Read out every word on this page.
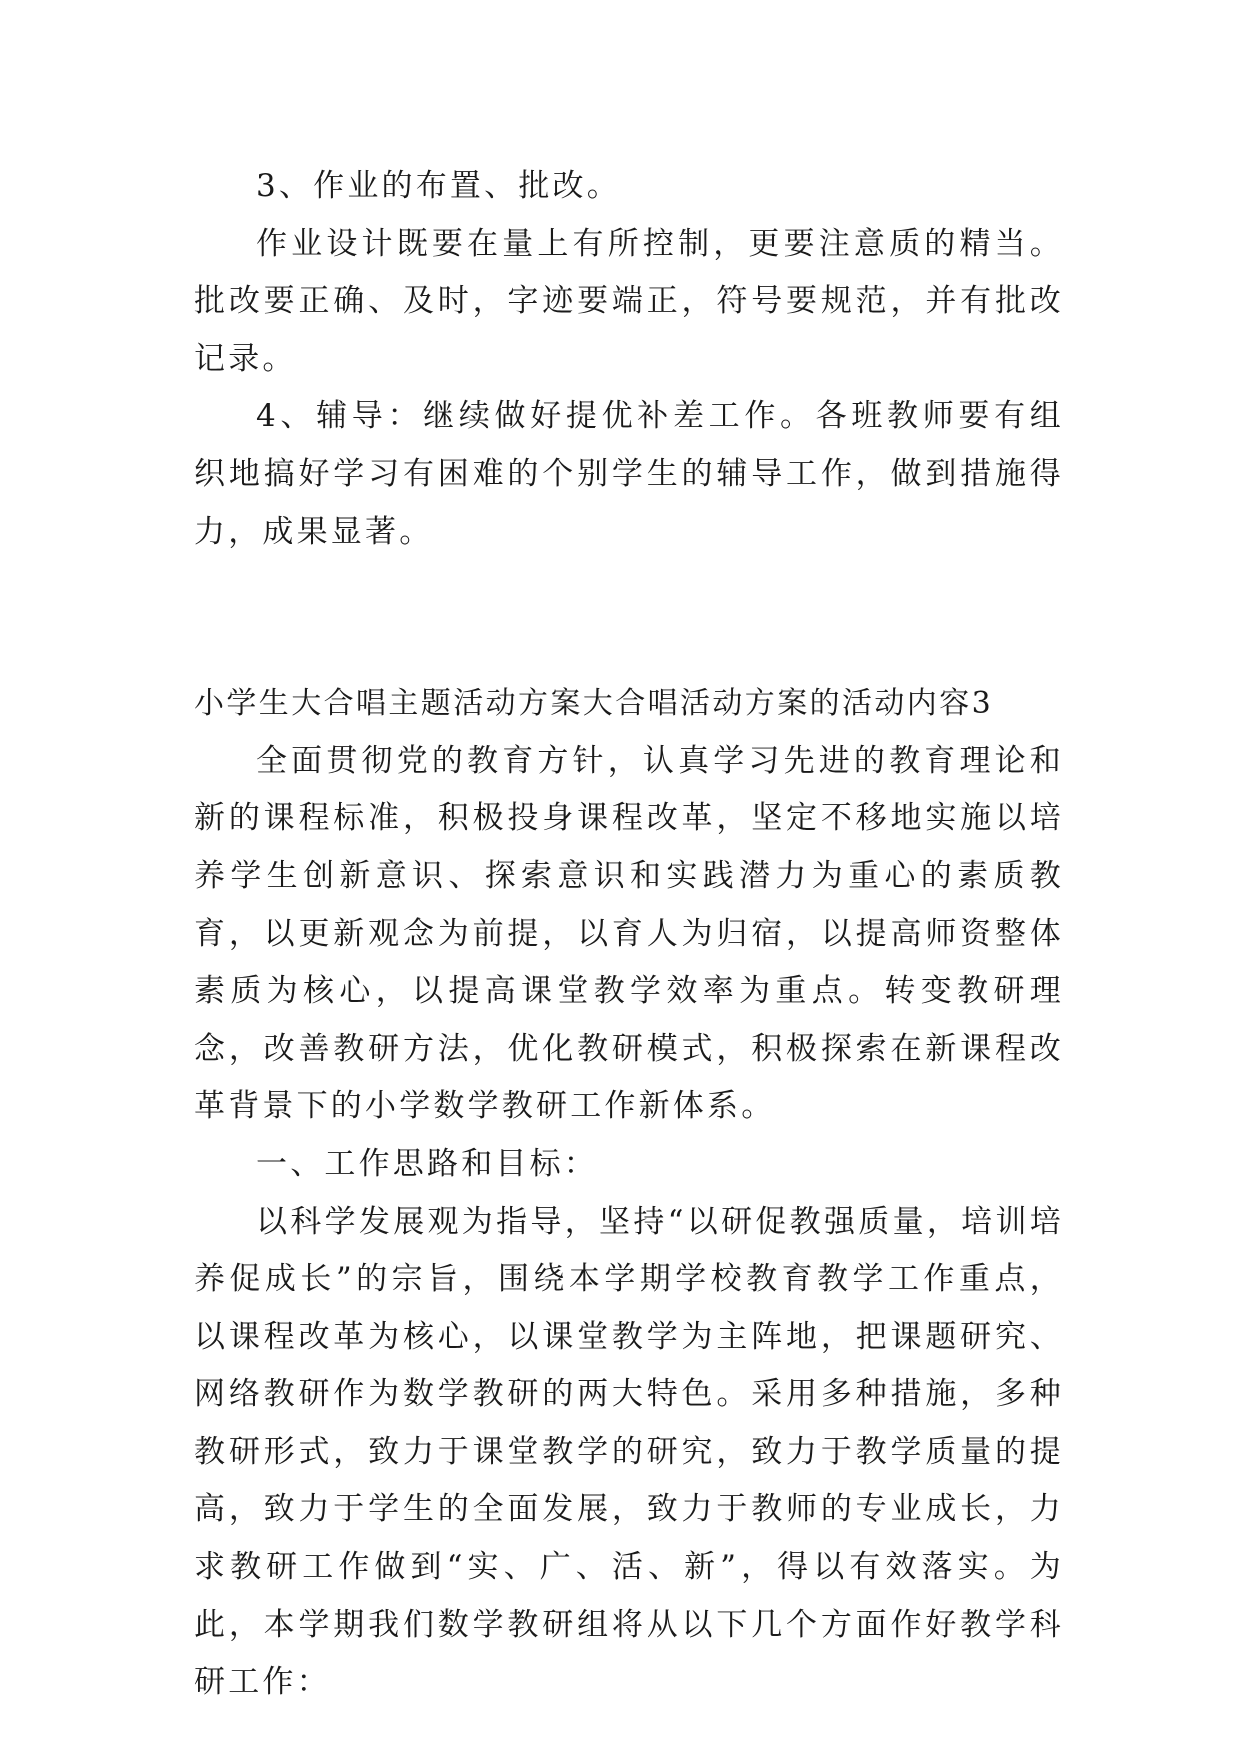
3、作业的布置、批改。

作业设计既要在量上有所控制，更要注意质的精当。批改要正确、及时，字迹要端正，符号要规范，并有批改记录。

4、辅导：继续做好提优补差工作。各班教师要有组织地搞好学习有困难的个别学生的辅导工作，做到措施得力，成果显著。

小学生大合唱主题活动方案大合唱活动方案的活动内容3

全面贯彻党的教育方针，认真学习先进的教育理论和新的课程标准，积极投身课程改革，坚定不移地实施以培养学生创新意识、探索意识和实践潜力为重心的素质教育，以更新观念为前提，以育人为归宿，以提高师资整体素质为核心，以提高课堂教学效率为重点。转变教研理念，改善教研方法，优化教研模式，积极探索在新课程改革背景下的小学数学教研工作新体系。

一、工作思路和目标：

以科学发展观为指导，坚持“以研促教强质量，培训培养促成长”的宗旨，围绕本学期学校教育教学工作重点，以课程改革为核心，以课堂教学为主阵地，把课题研究、网络教研作为数学教研的两大特色。采用多种措施，多种教研形式，致力于课堂教学的研究，致力于教学质量的提高，致力于学生的全面发展，致力于教师的专业成长，力求教研工作做到“实、广、活、新”，得以有效落实。为此，本学期我们数学教研组将从以下几个方面作好教学科研工作：
